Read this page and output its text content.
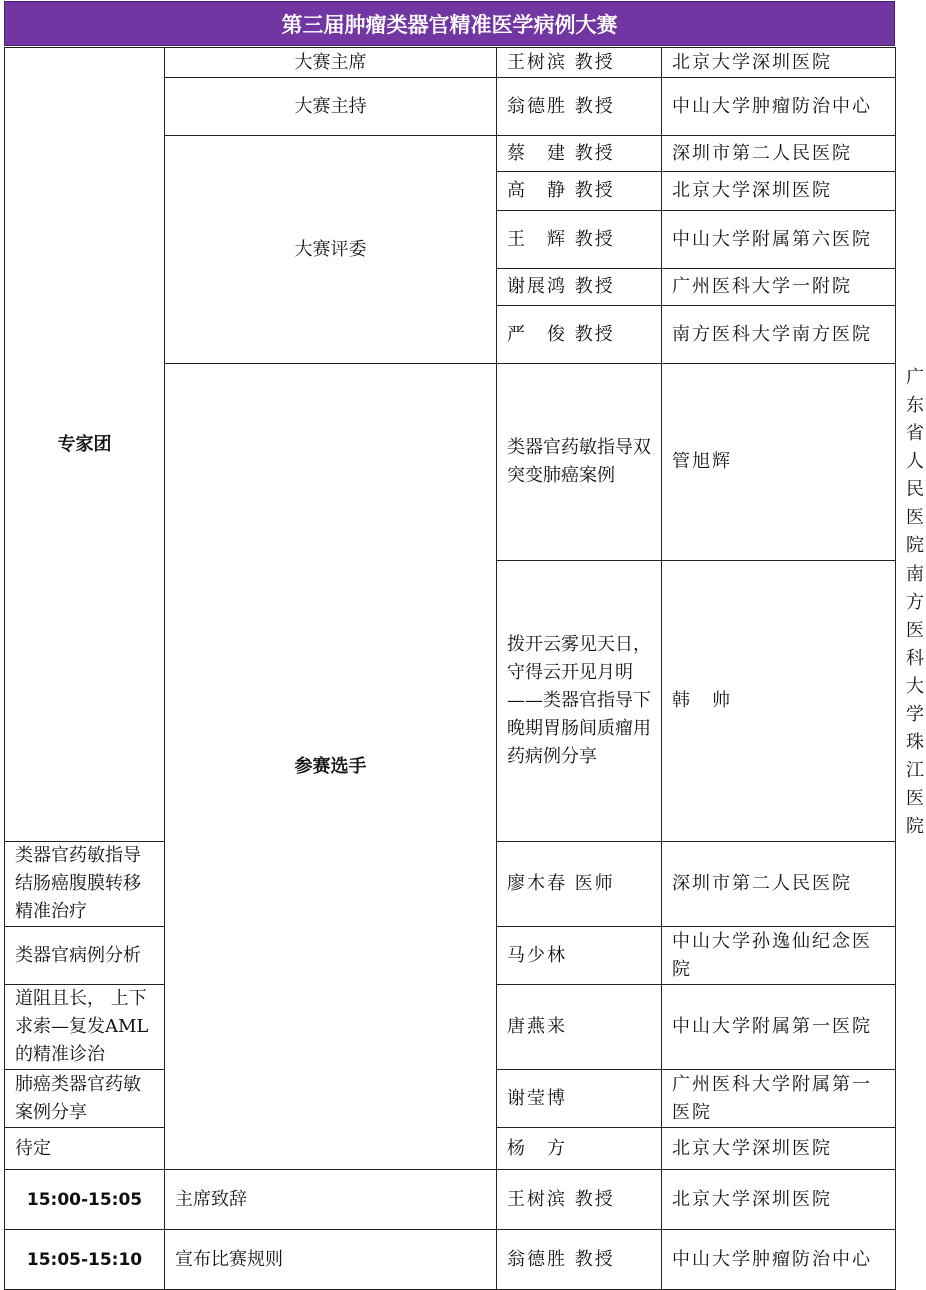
第三届肿瘤类器官精准医学病例大赛
专家团	大赛主席	王树滨 教授	北京大学深圳医院	
	大赛主持	翁德胜 教授	中山大学肿瘤防治中心	
	大赛评委	蔡　建 教授	深圳市第二人民医院	
		高　静 教授	北京大学深圳医院	
		王　辉 教授	中山大学附属第六医院	
		谢展鸿 教授	广州医科大学一附院	
		严　俊 教授	南方医科大学南方医院	
	参赛选手	类器官药敏指导双突变肺癌案例	管旭辉	广东省人民医院
		拨开云雾见天日，守得云开见月明——类器官指导下晚期胃肠间质瘤用药病例分享	韩　帅	南方医科大学珠江医院
类器官药敏指导结肠癌腹膜转移精准治疗		廖木春 医师	深圳市第二人民医院	
类器官病例分析		马少林	中山大学孙逸仙纪念医院	
道阻且长， 上下求索—复发AML的精准诊治		唐燕来	中山大学附属第一医院	
肺癌类器官药敏案例分享		谢莹博	广州医科大学附属第一医院	
待定		杨　方	北京大学深圳医院	
15:00-15:05	主席致辞	王树滨 教授	北京大学深圳医院	
15:05-15:10	宣布比赛规则	翁德胜 教授	中山大学肿瘤防治中心	
